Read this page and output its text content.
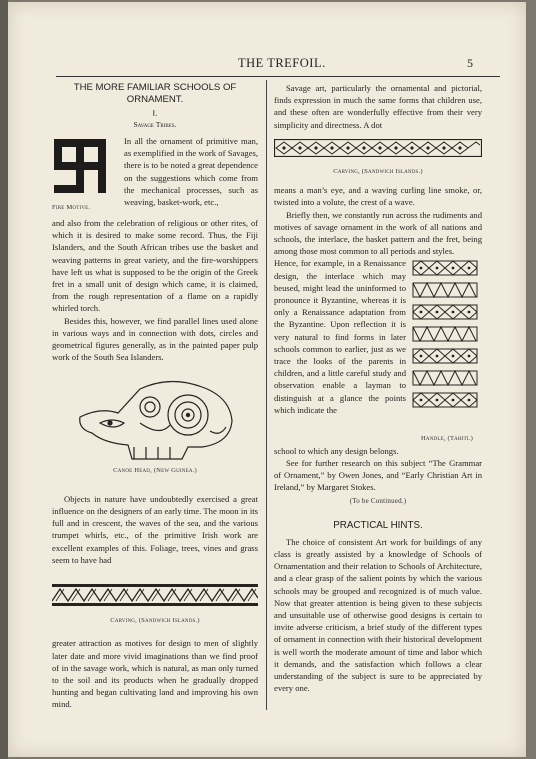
THE TREFOIL.	5
THE MORE FAMILIAR SCHOOLS OF ORNAMENT.
I.
Savage Tribes.
Fire Motive.

In all the ornament of primitive man, as exemplified in the work of Savages, there is to be noted a great dependence on the suggestions which come from the mechanical processes, such as weaving, basket-work, etc.,

and also from the celebration of religious or other rites, of which it is desired to make some record. Thus, the Fiji Islanders, and the South African tribes use the basket and weaving patterns in great variety, and the fire-worshippers have left us what is supposed to be the origin of the Greek fret in a small unit of design which came, it is claimed, from the rough representation of a flame on a rapidly whirled torch.

Besides this, however, we find parallel lines used alone in various ways and in connection with dots, circles and geometrical figures generally, as in the painted paper pulp work of the South Sea Islanders.

Canoe Head, (New Guinea.)

Objects in nature have undoubtedly exercised a great influence on the designers of an early time. The moon in its full and in crescent, the waves of the sea, and the various trumpet whirls, etc., of the primitive Irish work are excellent examples of this. Foliage, trees, vines and grass seem to have had

Carving, (Sandwich Islands.)

greater attraction as motives for design to men of slightly later date and more vivid imaginations than we find proof of in the savage work, which is natural, as man only turned to the soil and its products when he gradually dropped hunting and began cultivating land and improving his own mind.

Savage art, particularly the ornamental and pictorial, finds expression in much the same forms that children use, and these often are wonderfully effective from their very simplicity and directness. A dot

Carving, (Sandwich Islands.)

means a man’s eye, and a waving curling line smoke, or, twisted into a volute, the crest of a wave.

Briefly then, we constantly run across the rudiments and motives of savage ornament in the work of all nations and schools, the interlace, the basket pattern and the fret, being among those most common to all periods and styles.

Handle, (Tahiti.)

Hence, for example, in a Renaissance design, the interlace which may beused, might lead the uninformed to pronounce it Byzantine, whereas it is only a Renaissance adaptation from the Byzantine. Upon reflection it is very natural to find forms in later schools common to earlier, just as we trace the looks of the parents in children, and a little careful study and observation enable a layman to distinguish at a glance the points which indicate the

school to which any design belongs.

See for further research on this subject “The Grammar of Ornament,” by Owen Jones, and “Early Christian Art in Ireland,” by Margaret Stokes.

(To be Continued.)
PRACTICAL HINTS.

The choice of consistent Art work for buildings of any class is greatly assisted by a knowledge of Schools of Ornamentation and their relation to Schools of Architecture, and a clear grasp of the salient points by which the various schools may be grouped and recognized is of much value. Now that greater attention is being given to these subjects and unsuitable use of otherwise good designs is certain to invite adverse criticism, a brief study of the different types of ornament in connection with their historical development is well worth the moderate amount of time and labor which it demands, and the satisfaction which follows a clear understanding of the subject is sure to be appreciated by every one.
